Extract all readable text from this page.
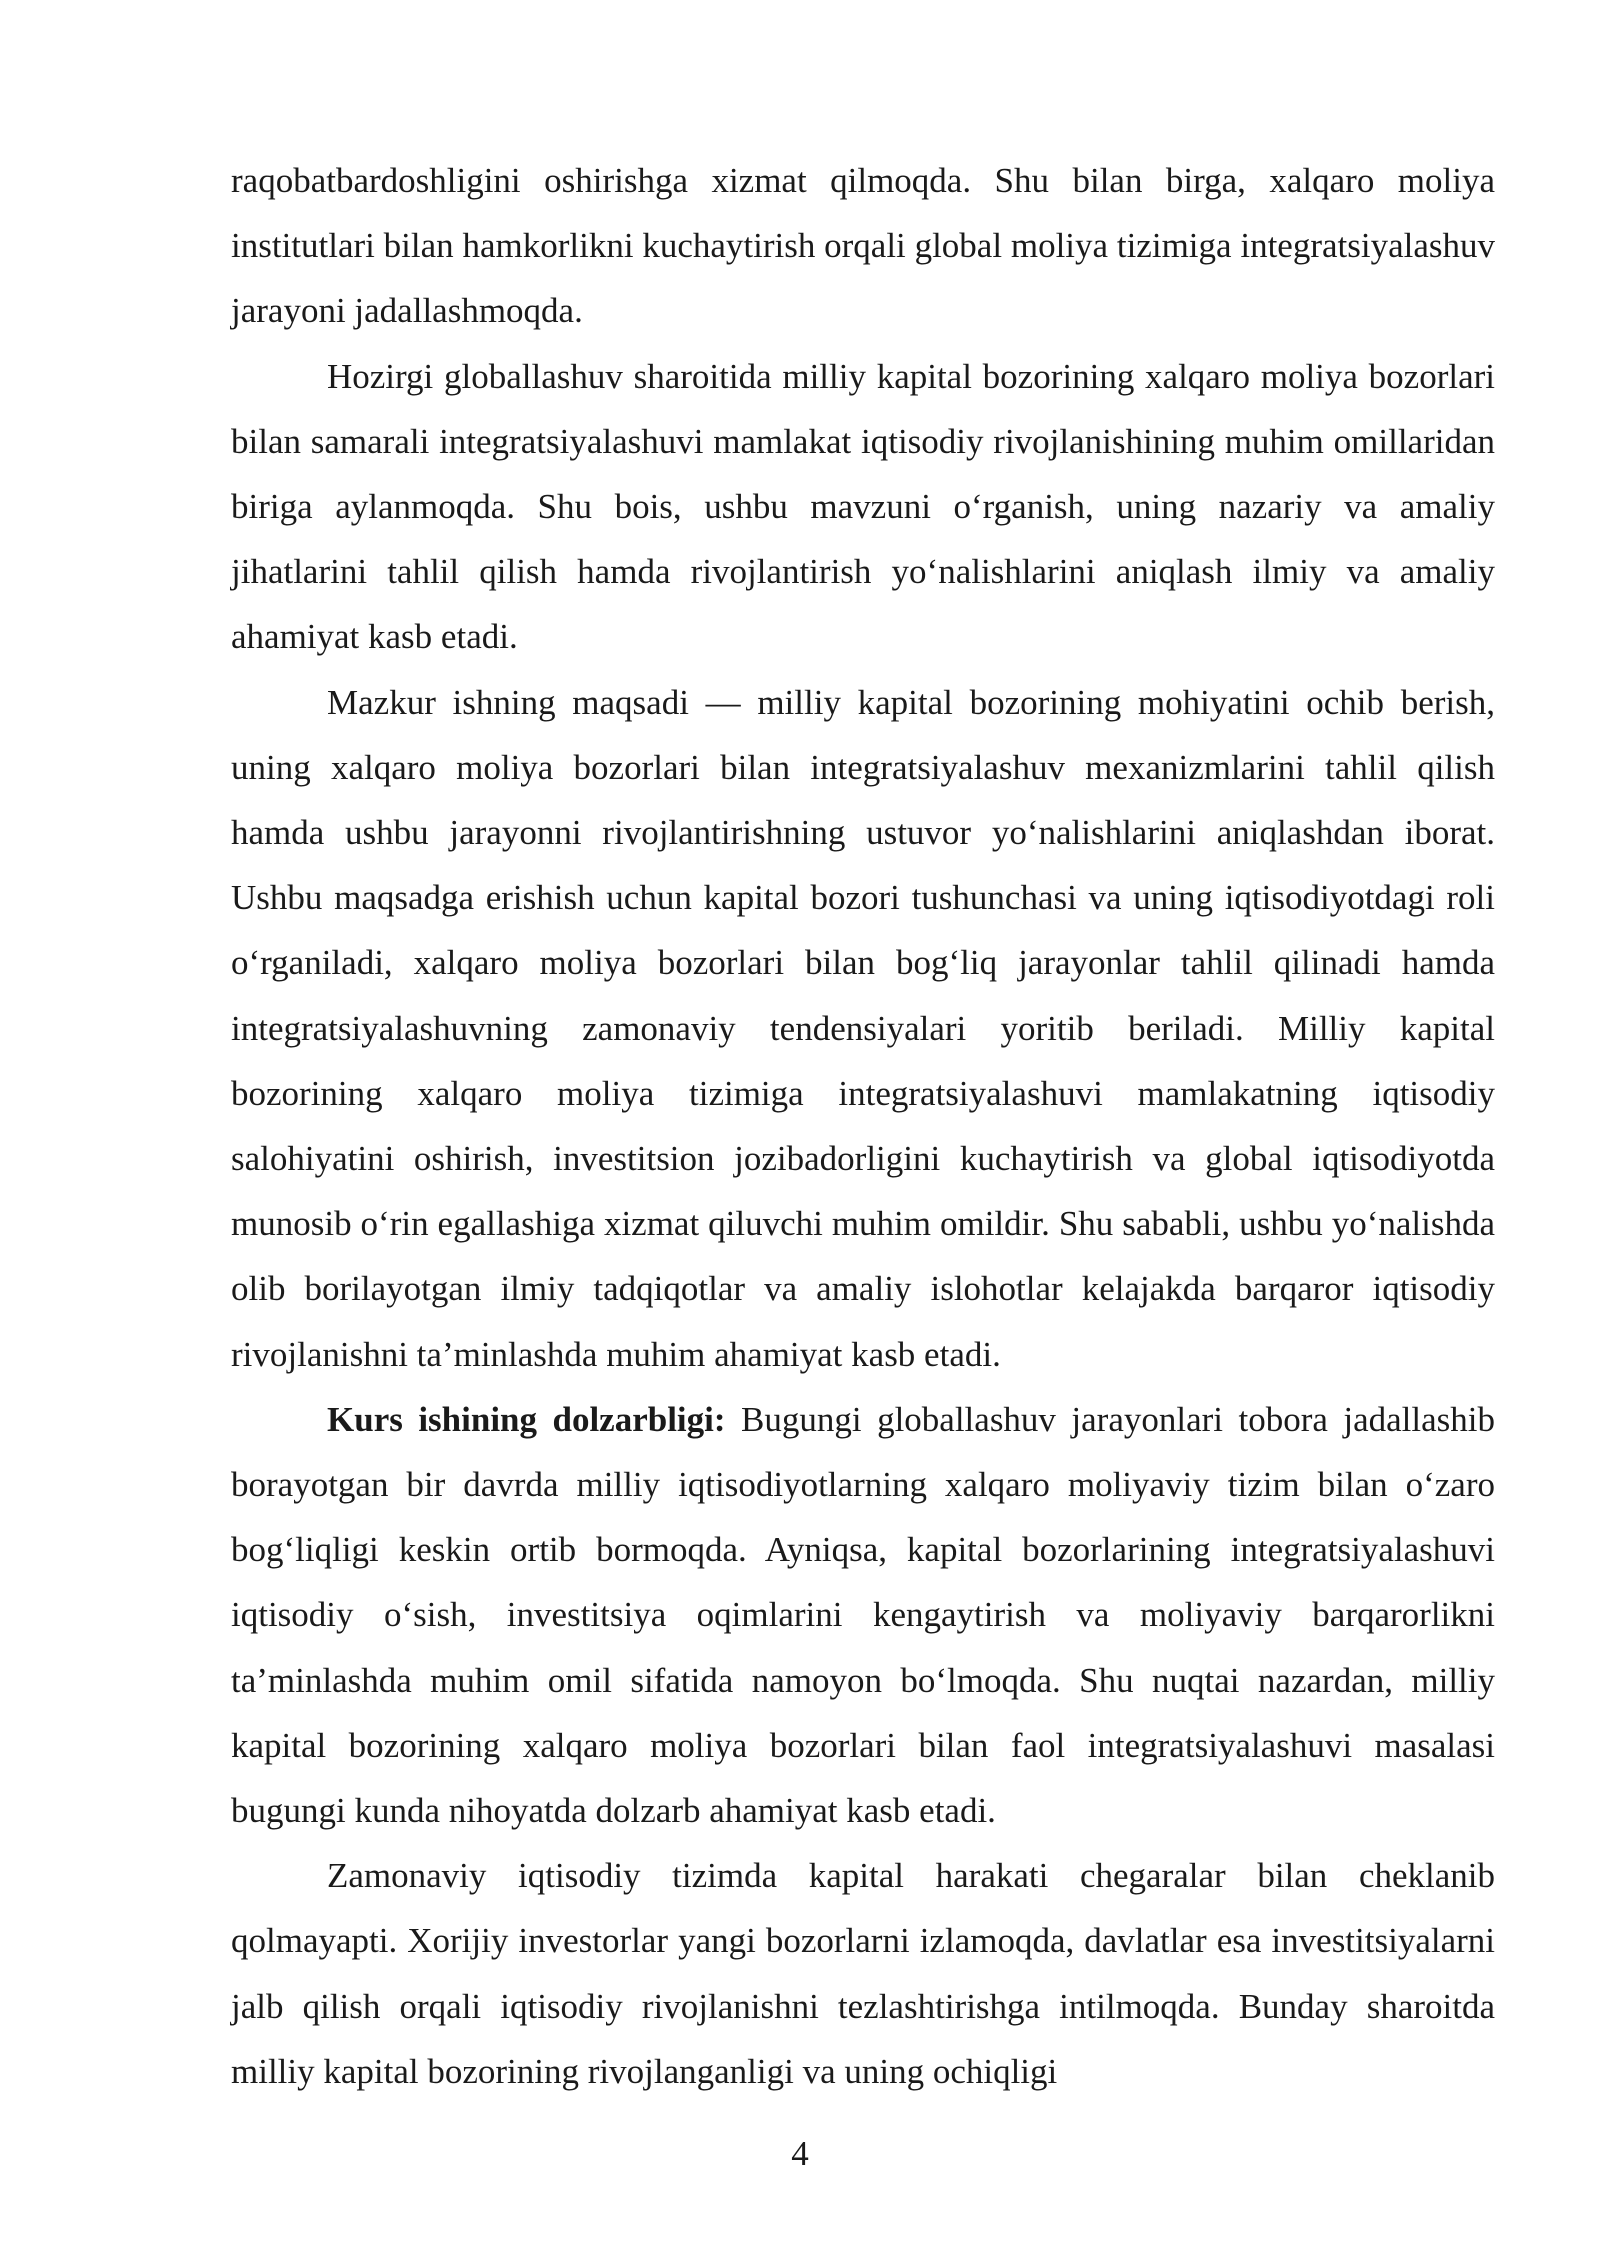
raqobatbardoshligini oshirishga xizmat qilmoqda. Shu bilan birga, xalqaro moliya institutlari bilan hamkorlikni kuchaytirish orqali global moliya tizimiga integratsiyalashuv jarayoni jadallashmoqda.

Hozirgi globallashuv sharoitida milliy kapital bozorining xalqaro moliya bozorlari bilan samarali integratsiyalashuvi mamlakat iqtisodiy rivojlanishining muhim omillaridan biriga aylanmoqda. Shu bois, ushbu mavzuni o‘rganish, uning nazariy va amaliy jihatlarini tahlil qilish hamda rivojlantirish yo‘nalishlarini aniqlash ilmiy va amaliy ahamiyat kasb etadi.

Mazkur ishning maqsadi — milliy kapital bozorining mohiyatini ochib berish, uning xalqaro moliya bozorlari bilan integratsiyalashuv mexanizmlarini tahlil qilish hamda ushbu jarayonni rivojlantirishning ustuvor yo‘nalishlarini aniqlashdan iborat. Ushbu maqsadga erishish uchun kapital bozori tushunchasi va uning iqtisodiyotdagi roli o‘rganiladi, xalqaro moliya bozorlari bilan bog‘liq jarayonlar tahlil qilinadi hamda integratsiyalashuvning zamonaviy tendensiyalari yoritib beriladi. Milliy kapital bozorining xalqaro moliya tizimiga integratsiyalashuvi mamlakatning iqtisodiy salohiyatini oshirish, investitsion jozibadorligini kuchaytirish va global iqtisodiyotda munosib o‘rin egallashiga xizmat qiluvchi muhim omildir. Shu sababli, ushbu yo‘nalishda olib borilayotgan ilmiy tadqiqotlar va amaliy islohotlar kelajakda barqaror iqtisodiy rivojlanishni ta’minlashda muhim ahamiyat kasb etadi.

Kurs ishining dolzarbligi: Bugungi globallashuv jarayonlari tobora jadallashib borayotgan bir davrda milliy iqtisodiyotlarning xalqaro moliyaviy tizim bilan o‘zaro bog‘liqligi keskin ortib bormoqda. Ayniqsa, kapital bozorlarining integratsiyalashuvi iqtisodiy o‘sish, investitsiya oqimlarini kengaytirish va moliyaviy barqarorlikni ta’minlashda muhim omil sifatida namoyon bo‘lmoqda. Shu nuqtai nazardan, milliy kapital bozorining xalqaro moliya bozorlari bilan faol integratsiyalashuvi masalasi bugungi kunda nihoyatda dolzarb ahamiyat kasb etadi.

Zamonaviy iqtisodiy tizimda kapital harakati chegaralar bilan cheklanib qolmayapti. Xorijiy investorlar yangi bozorlarni izlamoqda, davlatlar esa investitsiyalarni jalb qilish orqali iqtisodiy rivojlanishni tezlashtirishga intilmoqda. Bunday sharoitda milliy kapital bozorining rivojlanganligi va uning ochiqligi

4
